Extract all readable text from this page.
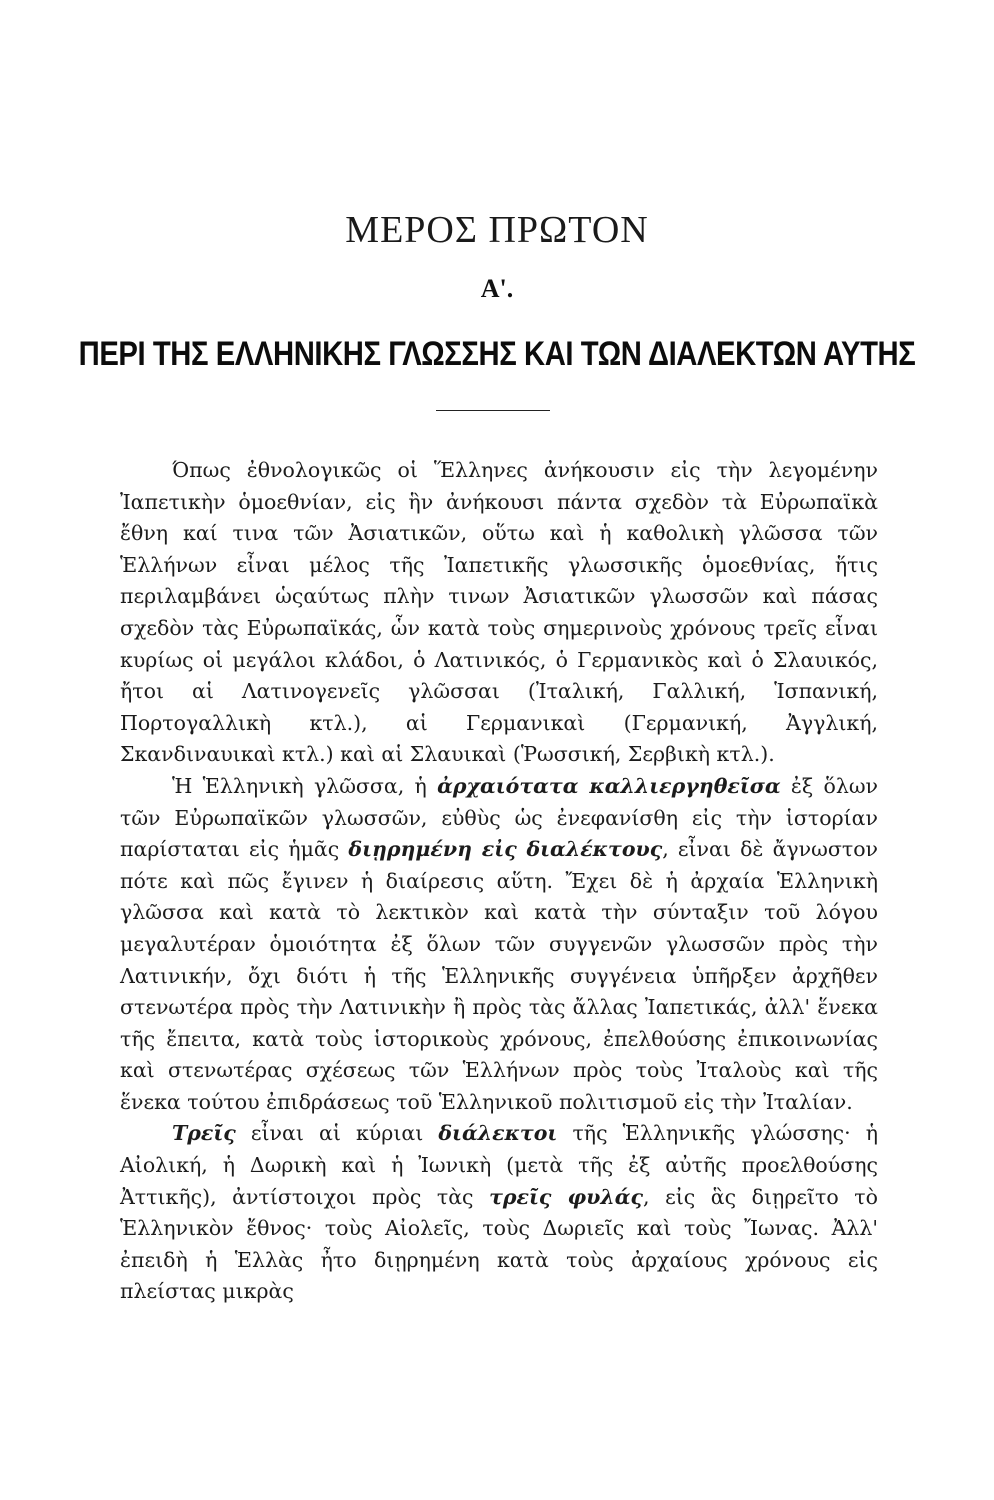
ΜΕΡΟΣ ΠΡΩΤΟΝ
Α'.
ΠΕΡΙ ΤΗΣ ΕΛΛΗΝΙΚΗΣ ΓΛΩΣΣΗΣ ΚΑΙ ΤΩΝ ΔΙΑΛΕΚΤΩΝ ΑΥΤΗΣ

Όπως ἐθνολογικῶς οἱ Ἕλληνες ἀνήκουσιν εἰς τὴν λεγομένην Ἰαπετικὴν ὁμοεθνίαν, εἰς ἣν ἀνήκουσι πάντα σχεδὸν τὰ Εὐρωπαϊκὰ ἔθνη καί τινα τῶν Ἀσιατικῶν, οὕτω καὶ ἡ καθολικὴ γλῶσσα τῶν Ἑλλήνων εἶναι μέλος τῆς Ἰαπετικῆς γλωσσικῆς ὁμοεθνίας, ἥτις περιλαμβάνει ὡςαύτως πλὴν τινων Ἀσιατικῶν γλωσσῶν καὶ πάσας σχεδὸν τὰς Εὐρωπαϊκάς, ὧν κατὰ τοὺς σημερινοὺς χρόνους τρεῖς εἶναι κυρίως οἱ μεγάλοι κλάδοι, ὁ Λατινικός, ὁ Γερμανικὸς καὶ ὁ Σλαυικός, ἤτοι αἱ Λατινογενεῖς γλῶσσαι (Ἰταλική, Γαλλική, Ἱσπανική, Πορτογαλλικὴ κτλ.), αἱ Γερμανικαὶ (Γερμανική, Ἀγγλική, Σκανδιναυικαὶ κτλ.) καὶ αἱ Σλαυικαὶ (Ῥωσσική, Σερβικὴ κτλ.).

Ἡ Ἑλληνικὴ γλῶσσα, ἡ ἀρχαιότατα καλλιεργηθεῖσα ἐξ ὅλων τῶν Εὐρωπαϊκῶν γλωσσῶν, εὐθὺς ὡς ἐνεφανίσθη εἰς τὴν ἱστορίαν παρίσταται εἰς ἡμᾶς διῃρημένη εἰς διαλέκτους, εἶναι δὲ ἄγνωστον πότε καὶ πῶς ἔγινεν ἡ διαίρεσις αὕτη. Ἔχει δὲ ἡ ἀρχαία Ἑλληνικὴ γλῶσσα καὶ κατὰ τὸ λεκτικὸν καὶ κατὰ τὴν σύνταξιν τοῦ λόγου μεγαλυτέραν ὁμοιότητα ἐξ ὅλων τῶν συγγενῶν γλωσσῶν πρὸς τὴν Λατινικήν, ὄχι διότι ἡ τῆς Ἑλληνικῆς συγγένεια ὑπῆρξεν ἀρχῆθεν στενωτέρα πρὸς τὴν Λατινικὴν ἢ πρὸς τὰς ἄλλας Ἰαπετικάς, ἀλλ' ἕνεκα τῆς ἔπειτα, κατὰ τοὺς ἱστορικοὺς χρόνους, ἐπελθούσης ἐπικοινωνίας καὶ στενωτέρας σχέσεως τῶν Ἑλλήνων πρὸς τοὺς Ἰταλοὺς καὶ τῆς ἕνεκα τούτου ἐπιδράσεως τοῦ Ἑλληνικοῦ πολιτισμοῦ εἰς τὴν Ἰταλίαν.

Τρεῖς εἶναι αἱ κύριαι διάλεκτοι τῆς Ἑλληνικῆς γλώσσης· ἡ Αἰολική, ἡ Δωρικὴ καὶ ἡ Ἰωνικὴ (μετὰ τῆς ἐξ αὐτῆς προελθούσης Ἀττικῆς), ἀντίστοιχοι πρὸς τὰς τρεῖς φυλάς, εἰς ἃς διῃρεῖτο τὸ Ἑλληνικὸν ἔθνος· τοὺς Αἰολεῖς, τοὺς Δωριεῖς καὶ τοὺς Ἴωνας. Ἀλλ' ἐπειδὴ ἡ Ἑλλὰς ἦτο διῃρημένη κατὰ τοὺς ἀρχαίους χρόνους εἰς πλείστας μικρὰς
